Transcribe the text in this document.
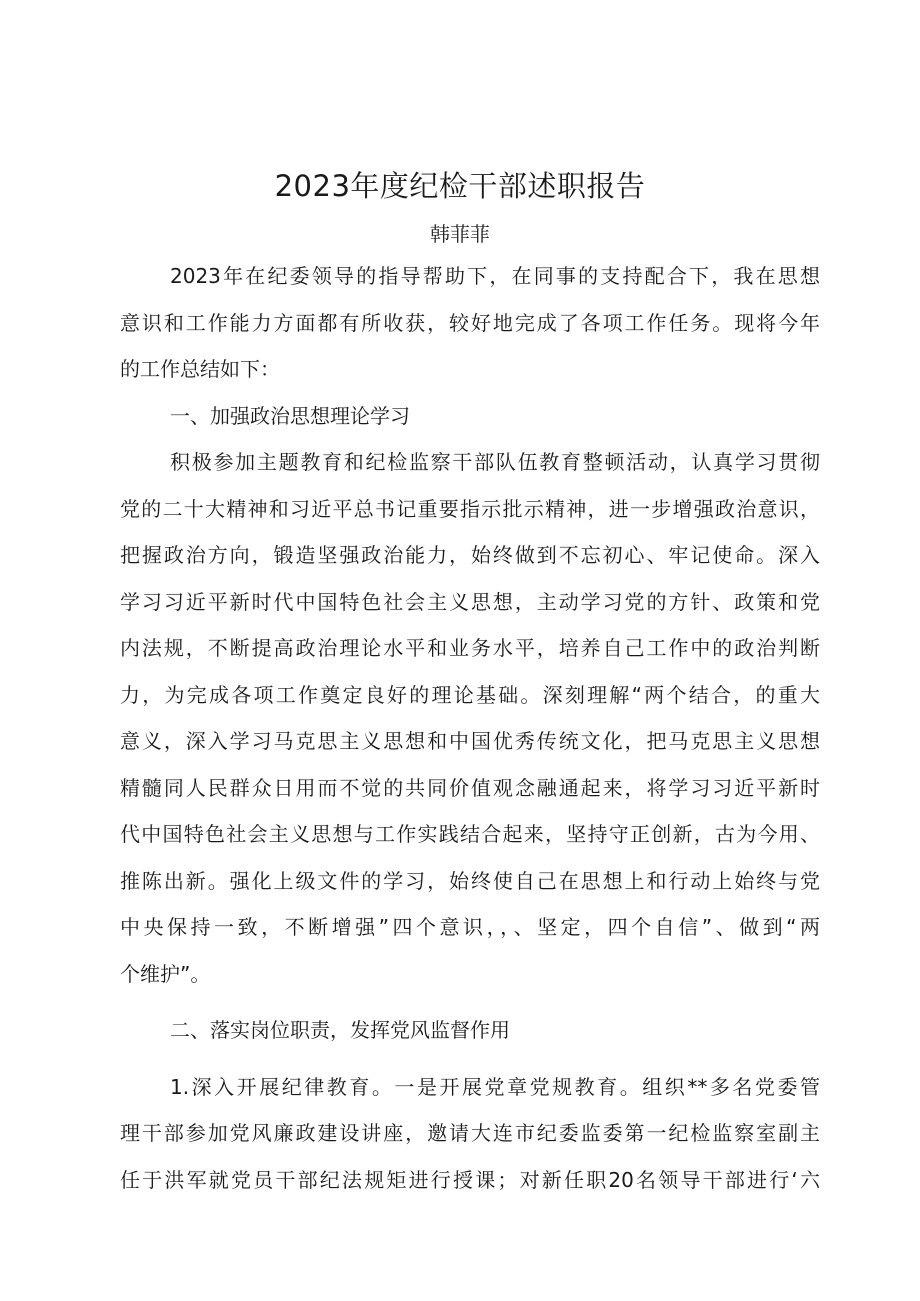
2023年度纪检干部述职报告
韩菲菲
2023年在纪委领导的指导帮助下，在同事的支持配合下，我在思想
意识和工作能力方面都有所收获，较好地完成了各项工作任务。现将今年
的工作总结如下：
一、加强政治思想理论学习
积极参加主题教育和纪检监察干部队伍教育整顿活动，认真学习贯彻
党的二十大精神和习近平总书记重要指示批示精神，进一步增强政治意识，
把握政治方向，锻造坚强政治能力，始终做到不忘初心、牢记使命。深入
学习习近平新时代中国特色社会主义思想，主动学习党的方针、政策和党
内法规，不断提高政治理论水平和业务水平，培养自己工作中的政治判断
力，为完成各项工作奠定良好的理论基础。深刻理解“两个结合，的重大
意义，深入学习马克思主义思想和中国优秀传统文化，把马克思主义思想
精髓同人民群众日用而不觉的共同价值观念融通起来，将学习习近平新时
代中国特色社会主义思想与工作实践结合起来，坚持守正创新，古为今用、
推陈出新。强化上级文件的学习，始终使自己在思想上和行动上始终与党
中央保持一致，不断增强”四个意识，，、坚定，四个自信”、做到“两
个维护”。
二、落实岗位职责，发挥党风监督作用
1.深入开展纪律教育。一是开展党章党规教育。组织**多名党委管
理干部参加党风廉政建设讲座，邀请大连市纪委监委第一纪检监察室副主
任于洪军就党员干部纪法规矩进行授课；对新任职20名领导干部进行‘六
